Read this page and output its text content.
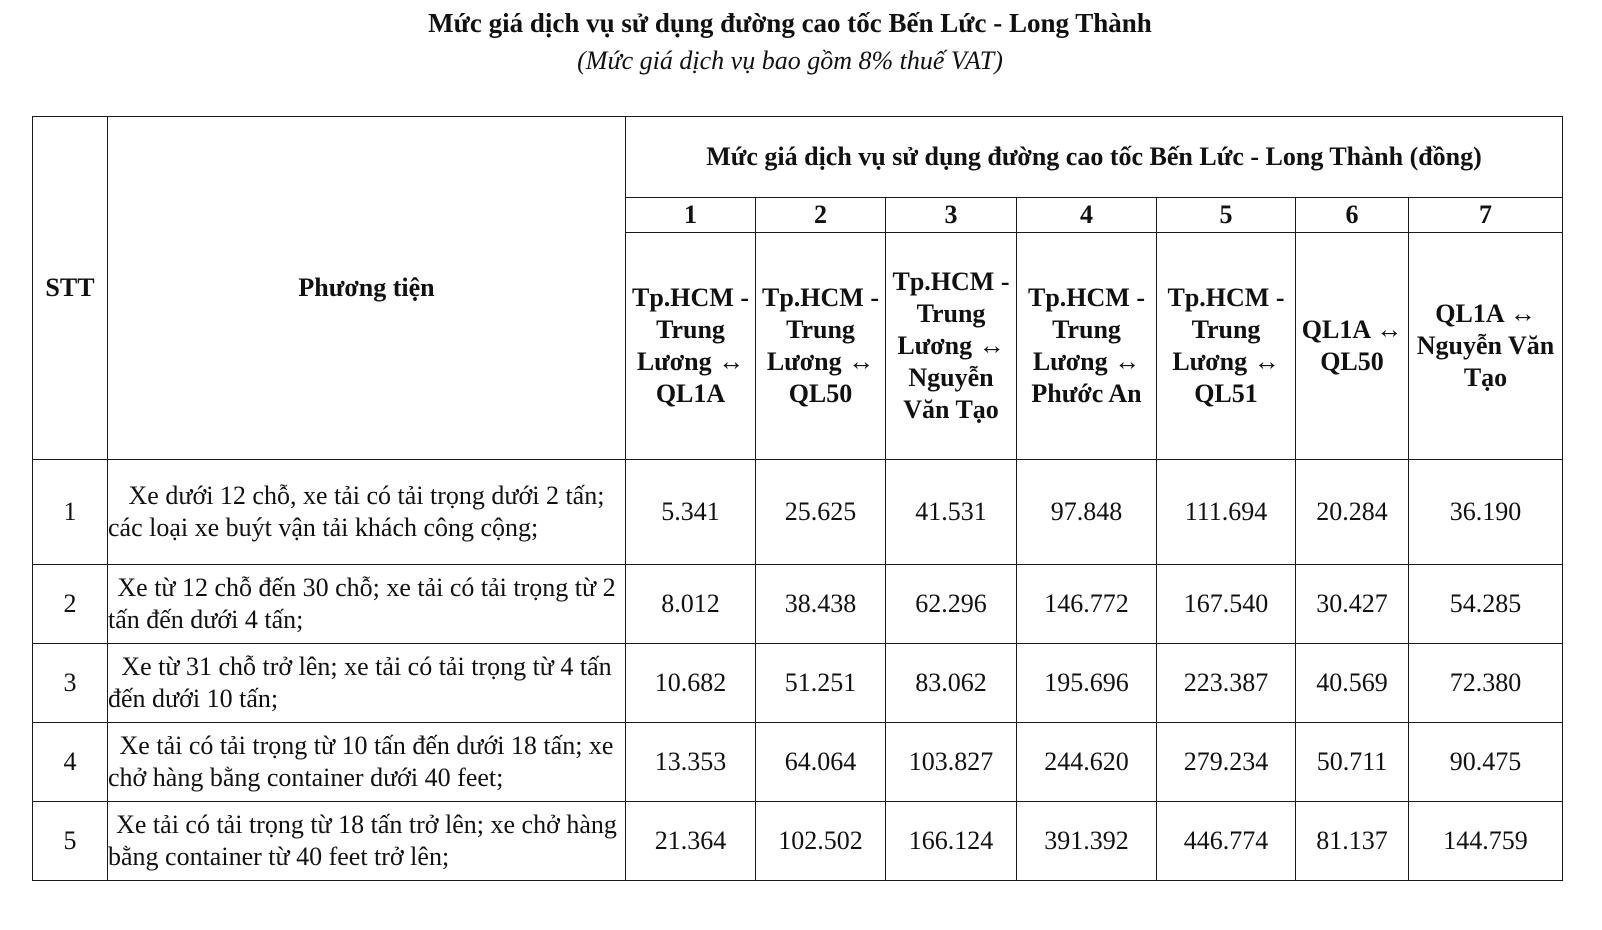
Mức giá dịch vụ sử dụng đường cao tốc Bến Lức - Long Thành
(Mức giá dịch vụ bao gồm 8% thuế VAT)
STT	Phương tiện	Mức giá dịch vụ sử dụng đường cao tốc Bến Lức - Long Thành (đồng)						
		1	2	3	4	5	6	7
		Tp.HCM - Trung Lương ↔ QL1A	Tp.HCM - Trung Lương ↔ QL50	Tp.HCM - Trung Lương ↔ Nguyễn Văn Tạo	Tp.HCM - Trung Lương ↔ Phước An	Tp.HCM - Trung Lương ↔ QL51	QL1A ↔ QL50	QL1A ↔ Nguyễn Văn Tạo
1	Xe dưới 12 chỗ, xe tải có tải trọng dưới 2 tấn; các loại xe buýt vận tải khách công cộng;	5.341	25.625	41.531	97.848	111.694	20.284	36.190
2	Xe từ 12 chỗ đến 30 chỗ; xe tải có tải trọng từ 2 tấn đến dưới 4 tấn;	8.012	38.438	62.296	146.772	167.540	30.427	54.285
3	Xe từ 31 chỗ trở lên; xe tải có tải trọng từ 4 tấn đến dưới 10 tấn;	10.682	51.251	83.062	195.696	223.387	40.569	72.380
4	Xe tải có tải trọng từ 10 tấn đến dưới 18 tấn; xe chở hàng bằng container dưới 40 feet;	13.353	64.064	103.827	244.620	279.234	50.711	90.475
5	Xe tải có tải trọng từ 18 tấn trở lên; xe chở hàng bằng container từ 40 feet trở lên;	21.364	102.502	166.124	391.392	446.774	81.137	144.759
